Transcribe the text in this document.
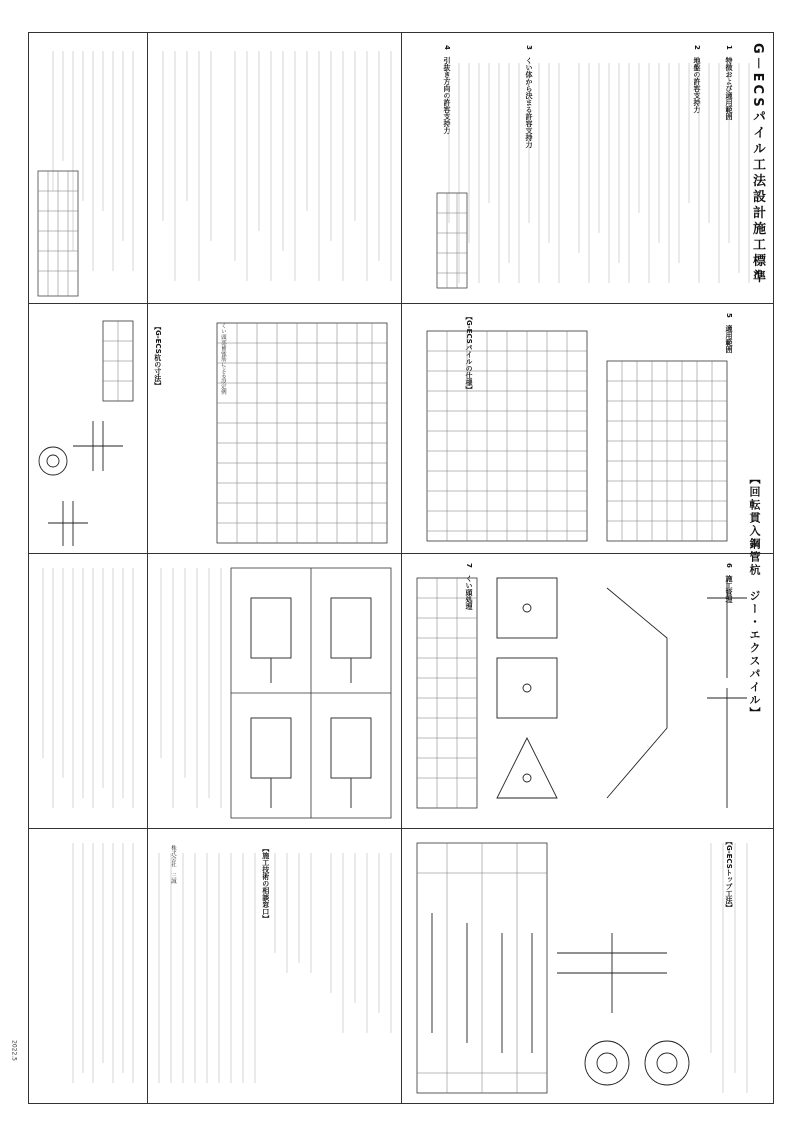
G－ECSパイル工法設計施工標準
【回転貫入鋼管杭　ジー・エクスパイル】
1　特徴および適用範囲
2　地盤の許容支持力
3　くい体から決まる許容支持力
4　引抜き方向の許容支持力
5　適用範囲
【G-ECSパイルの仕様】
6　施工管理
7　くい頭処理
【G-ECSトップ工法】
【G-ECS杭の寸法】	くい頭部補強筋による設定例
【施工技術の相談窓口】
株式会社　三誠
2022.5
